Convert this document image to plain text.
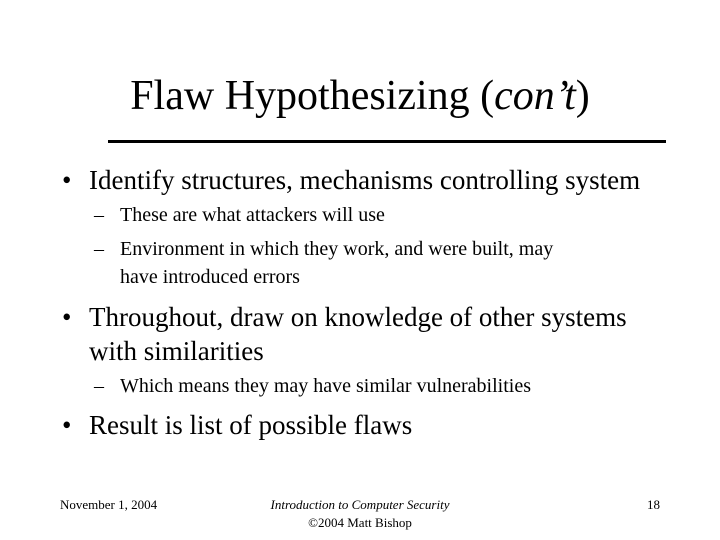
Flaw Hypothesizing (con’t)
• Identify structures, mechanisms controlling system
– These are what attackers will use
– Environment in which they work, and were built, may
have introduced errors
• Throughout, draw on knowledge of other systems
with similarities
– Which means they may have similar vulnerabilities
• Result is list of possible flaws
November 1, 2004	Introduction to Computer Security
©2004 Matt Bishop
18
